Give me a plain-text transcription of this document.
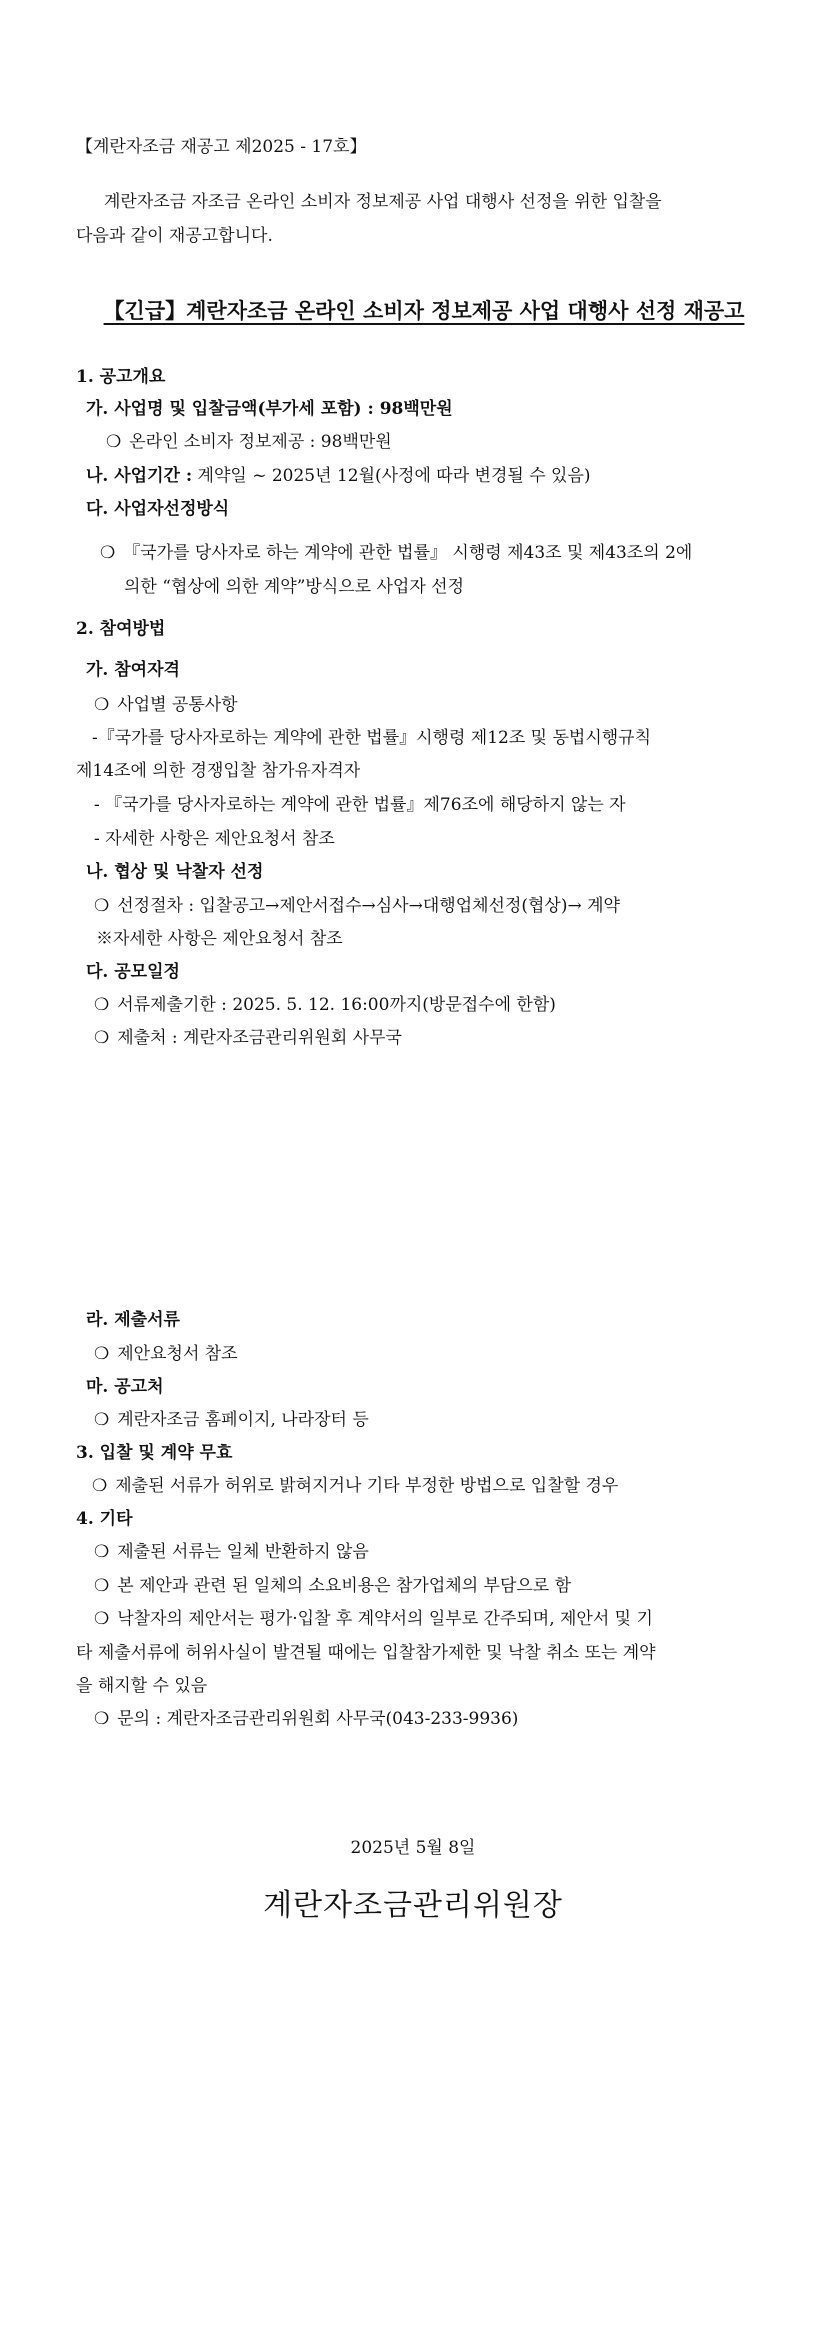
【계란자조금 재공고 제2025 - 17호】
계란자조금 자조금 온라인 소비자 정보제공 사업 대행사 선정을 위한 입찰을
다음과 같이 재공고합니다.
【긴급】계란자조금 온라인 소비자 정보제공 사업 대행사 선정 재공고
1. 공고개요
가. 사업명 및 입찰금액(부가세 포함) : 98백만원
❍ 온라인 소비자 정보제공 : 98백만원
나. 사업기간 : 계약일 ~ 2025년 12월(사정에 따라 변경될 수 있음)
다. 사업자선정방식
❍ 『국가를 당사자로 하는 계약에 관한 법률』 시행령 제43조 및 제43조의 2에
의한 “협상에 의한 계약”방식으로 사업자 선정
2. 참여방법
가. 참여자격
❍ 사업별 공통사항
-『국가를 당사자로하는 계약에 관한 법률』시행령 제12조 및 동법시행규칙
제14조에 의한 경쟁입찰 참가유자격자
- 『국가를 당사자로하는 계약에 관한 법률』제76조에 해당하지 않는 자
- 자세한 사항은 제안요청서 참조
나. 협상 및 낙찰자 선정
❍ 선정절차 : 입찰공고→제안서접수→심사→대행업체선정(협상)→ 계약
※자세한 사항은 제안요청서 참조
다. 공모일정
❍ 서류제출기한 : 2025. 5. 12. 16:00까지(방문접수에 한함)
❍ 제출처 : 계란자조금관리위원회 사무국
라. 제출서류
❍ 제안요청서 참조
마. 공고처
❍ 계란자조금 홈페이지, 나라장터 등
3. 입찰 및 계약 무효
❍ 제출된 서류가 허위로 밝혀지거나 기타 부정한 방법으로 입찰할 경우
4. 기타
❍ 제출된 서류는 일체 반환하지 않음
❍ 본 제안과 관련 된 일체의 소요비용은 참가업체의 부담으로 함
❍ 낙찰자의 제안서는 평가·입찰 후 계약서의 일부로 간주되며, 제안서 및 기
타 제출서류에 허위사실이 발견될 때에는 입찰참가제한 및 낙찰 취소 또는 계약
을 해지할 수 있음
❍ 문의 : 계란자조금관리위원회 사무국(043-233-9936)
2025년 5월 8일
계란자조금관리위원장
